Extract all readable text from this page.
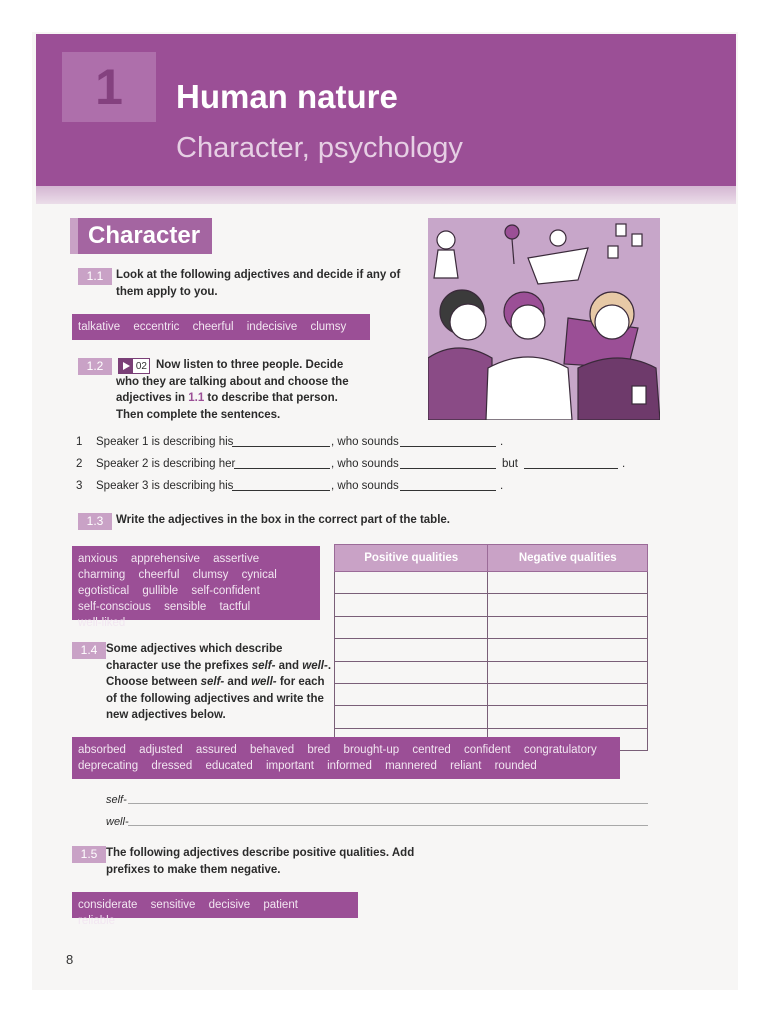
1	Human nature
Character, psychology
Character
1.1	Look at the following adjectives and decide if any of them apply to you.
talkative eccentric cheerful indecisive clumsy
1.2	02 Now listen to three people. Decide who they are talking about and choose the adjectives in 1.1 to describe that person. Then complete the sentences.
1 Speaker 1 is describing his	, who sounds	.
2 Speaker 2 is describing her	, who sounds	but	.
3 Speaker 3 is describing his	, who sounds	.
1.3	Write the adjectives in the box in the correct part of the table.
anxious apprehensive assertive
charming cheerful clumsy cynical
egotistical gullible self-confident
self-conscious sensible tactful well-liked
Positive qualities	Negative qualities

1.4 Some adjectives which describe character use the prefixes self- and well-. Choose between self- and well- for each of the following adjectives and write the new adjectives below.
absorbed adjusted assured behaved bred brought-up centred confident congratulatory
deprecating dressed educated important informed mannered reliant rounded
self-
well-
1.5 The following adjectives describe positive qualities. Add prefixes to make them negative.
considerate sensitive decisive patient reliable
8
